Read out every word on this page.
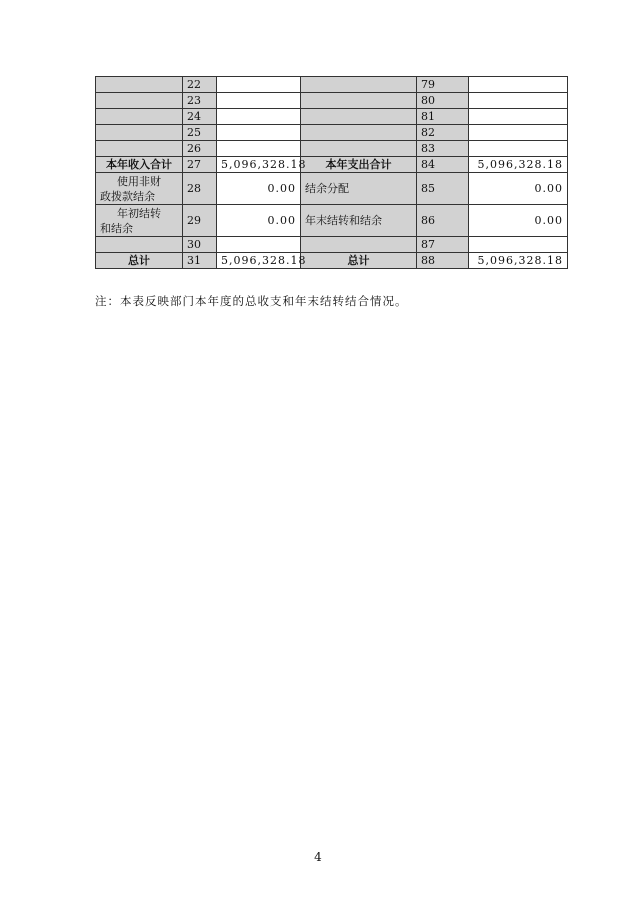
	22			79	
	23			80	
	24			81	
	25			82	
	26			83	
本年收入合计	27	5,096,328.18	本年支出合计	84	5,096,328.18

使用非财
政拨款结余	28	0.00	结余分配	85	0.00

年初结转
和结余	29	0.00	年末结转和结余	86	0.00
	30			87	
总计	31	5,096,328.18	总计	88	5,096,328.18
注：本表反映部门本年度的总收支和年末结转结合情况。
4
